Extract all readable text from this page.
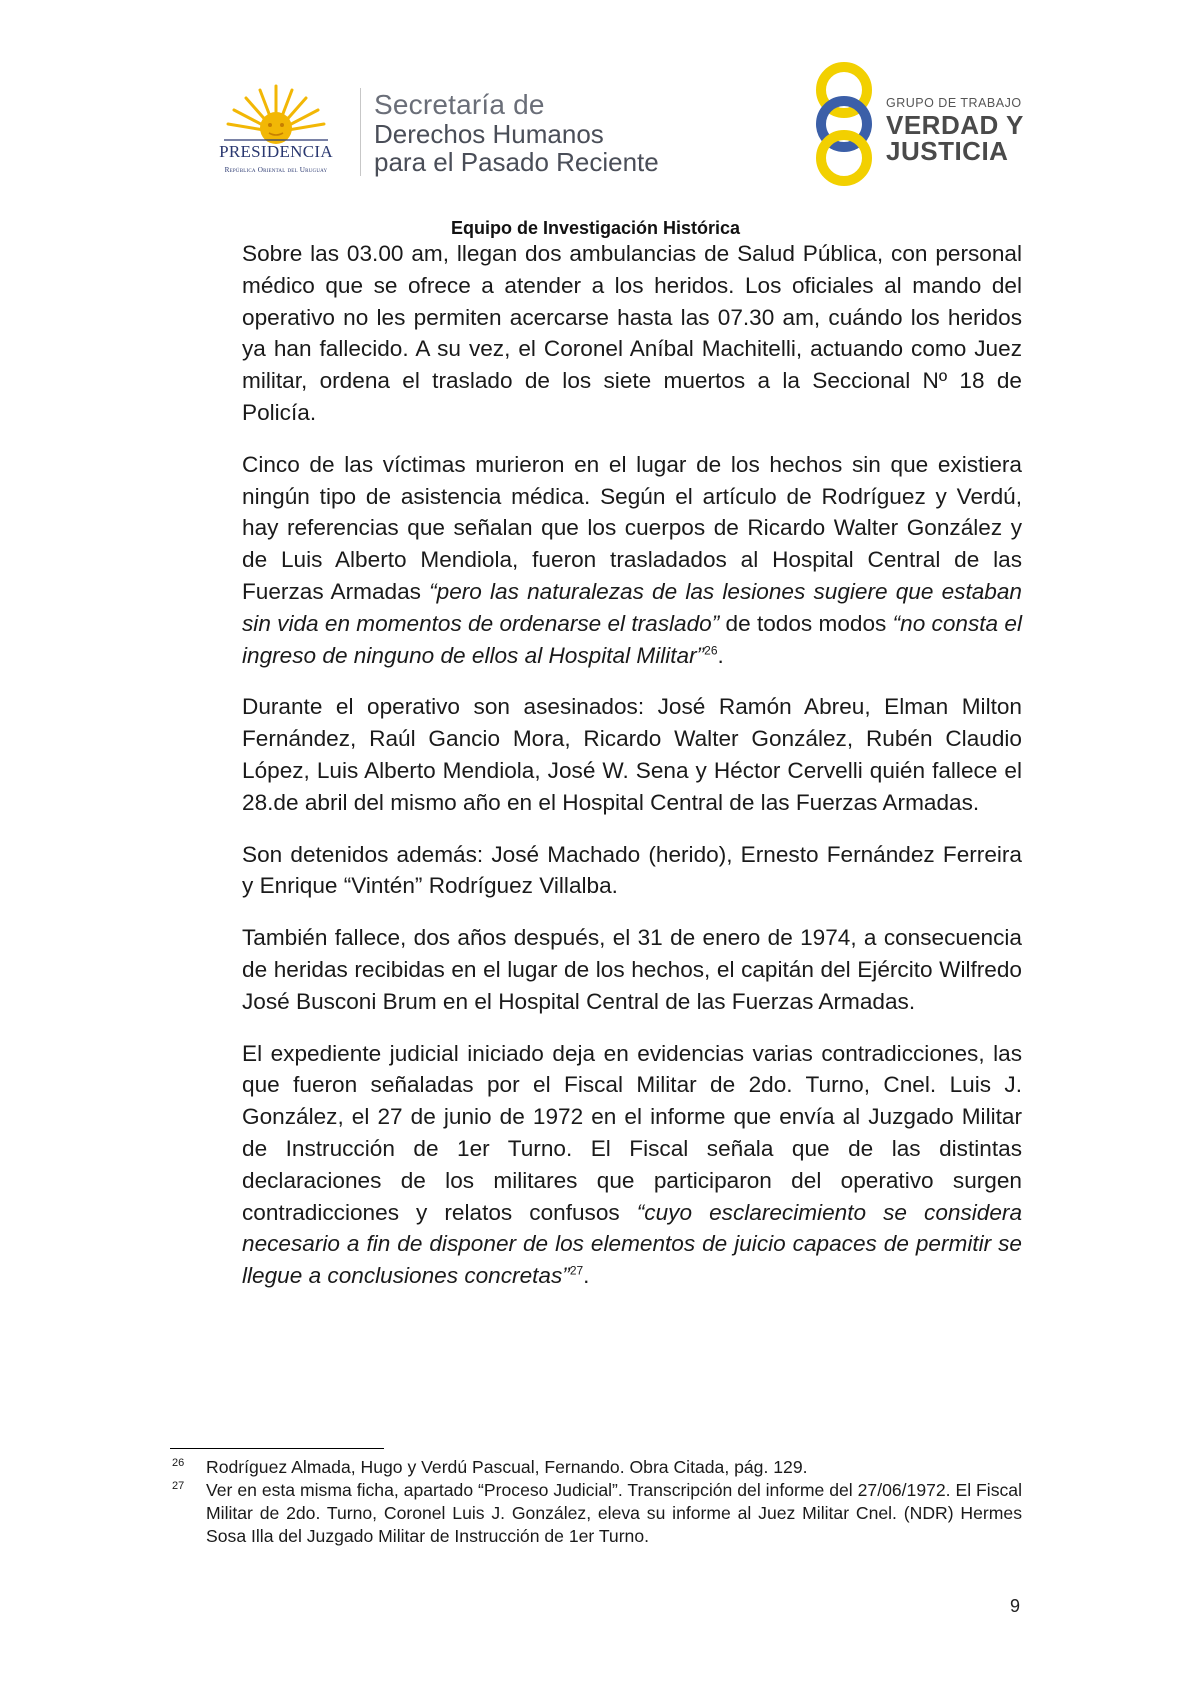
PRESIDENCIA
República Oriental del Uruguay
Secretaría de
Derechos Humanos
para el Pasado Reciente
GRUPO DE TRABAJO
VERDAD Y
JUSTICIA
Equipo de Investigación Histórica

Sobre las 03.00 am, llegan dos ambulancias de Salud Pública, con personal médico que se ofrece a atender a los heridos. Los oficiales al mando del operativo no les permiten acercarse hasta las 07.30 am, cuándo los heridos ya han fallecido. A su vez, el Coronel Aníbal Machitelli, actuando como Juez militar, ordena el traslado de los siete muertos a la Seccional Nº 18 de Policía.

Cinco de las víctimas murieron en el lugar de los hechos sin que existiera ningún tipo de asistencia médica. Según el artículo de Rodríguez y Verdú, hay referencias que señalan que los cuerpos de Ricardo Walter González y de Luis Alberto Mendiola, fueron trasladados al Hospital Central de las Fuerzas Armadas “pero las naturalezas de las lesiones sugiere que estaban sin vida en momentos de ordenarse el traslado” de todos modos “no consta el ingreso de ninguno de ellos al Hospital Militar”$^{26}$.

Durante el operativo son asesinados: José Ramón Abreu, Elman Milton Fernández, Raúl Gancio Mora, Ricardo Walter González, Rubén Claudio López, Luis Alberto Mendiola, José W. Sena y Héctor Cervelli quién fallece el 28.de abril del mismo año en el Hospital Central de las Fuerzas Armadas.

Son detenidos además: José Machado (herido), Ernesto Fernández Ferreira y Enrique “Vintén” Rodríguez Villalba.

También fallece, dos años después, el 31 de enero de 1974, a consecuencia de heridas recibidas en el lugar de los hechos, el capitán del Ejército Wilfredo José Busconi Brum en el Hospital Central de las Fuerzas Armadas.

El expediente judicial iniciado deja en evidencias varias contradicciones, las que fueron señaladas por el Fiscal Militar de 2do. Turno, Cnel. Luis J. González, el 27 de junio de 1972 en el informe que envía al Juzgado Militar de Instrucción de 1er Turno. El Fiscal señala que de las distintas declaraciones de los militares que participaron del operativo surgen contradicciones y relatos confusos “cuyo esclarecimiento se considera necesario a fin de disponer de los elementos de juicio capaces de permitir se llegue a conclusiones concretas”$^{27}$.

26 Rodríguez Almada, Hugo y Verdú Pascual, Fernando. Obra Citada, pág. 129.
27 Ver en esta misma ficha, apartado “Proceso Judicial”. Transcripción del informe del 27/06/1972. El Fiscal Militar de 2do. Turno, Coronel Luis J. González, eleva su informe al Juez Militar Cnel. (NDR) Hermes Sosa Illa del Juzgado Militar de Instrucción de 1er Turno.
9
